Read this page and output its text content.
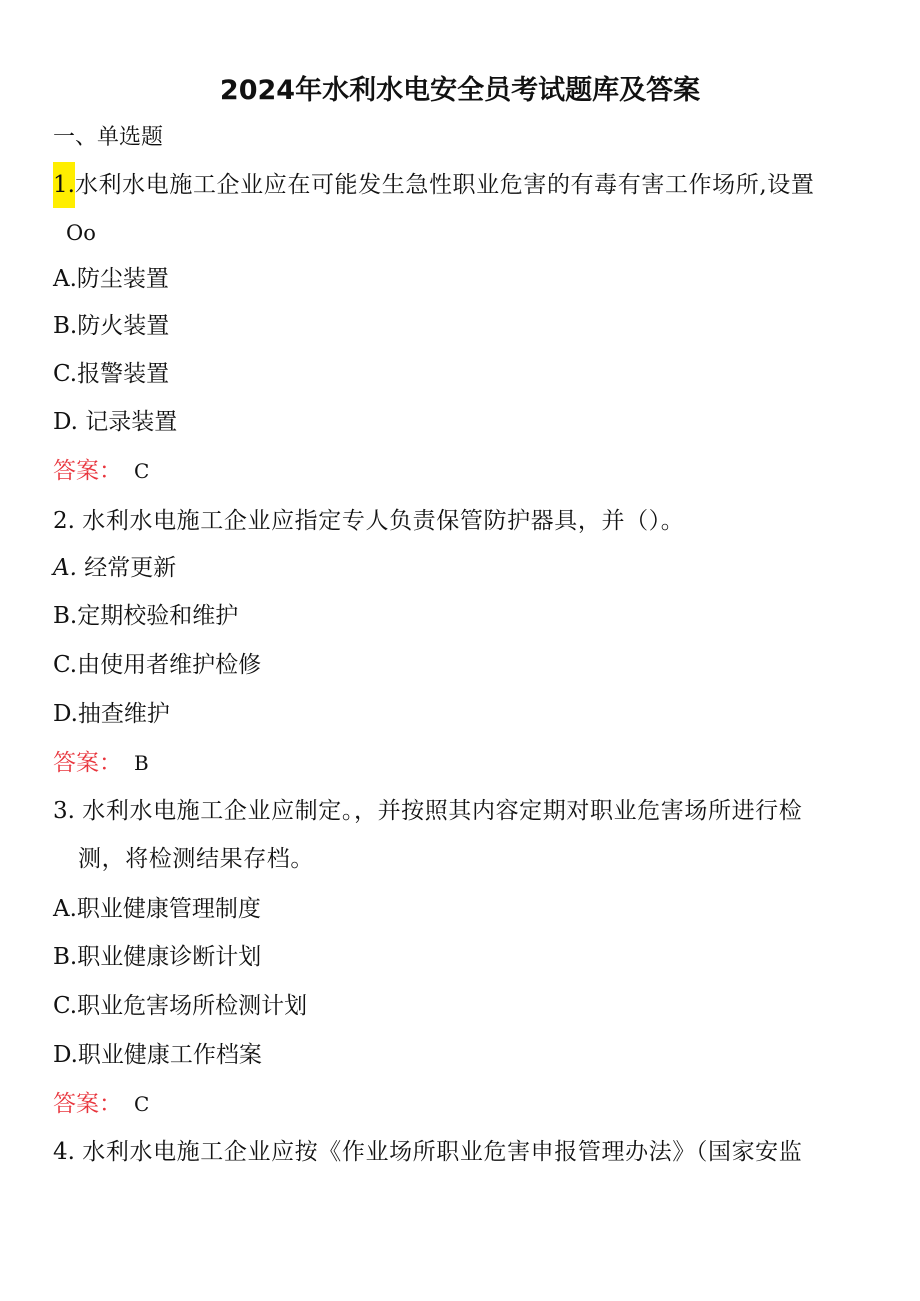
2024年水利水电安全员考试题库及答案
一、单选题
1.水利水电施工企业应在可能发生急性职业危害的有毒有害工作场所,设置
Oo
A.防尘装置
B.防火装置
C.报警装置
D. 记录装置
答案： C
2. 水利水电施工企业应指定专人负责保管防护器具，并（）。
A. 经常更新
B.定期校验和维护
C.由使用者维护检修
D.抽查维护
答案： B
3. 水利水电施工企业应制定。，并按照其内容定期对职业危害场所进行检
测，将检测结果存档。
A.职业健康管理制度
B.职业健康诊断计划
C.职业危害场所检测计划
D.职业健康工作档案
答案： C
4. 水利水电施工企业应按《作业场所职业危害申报管理办法》（国家安监
